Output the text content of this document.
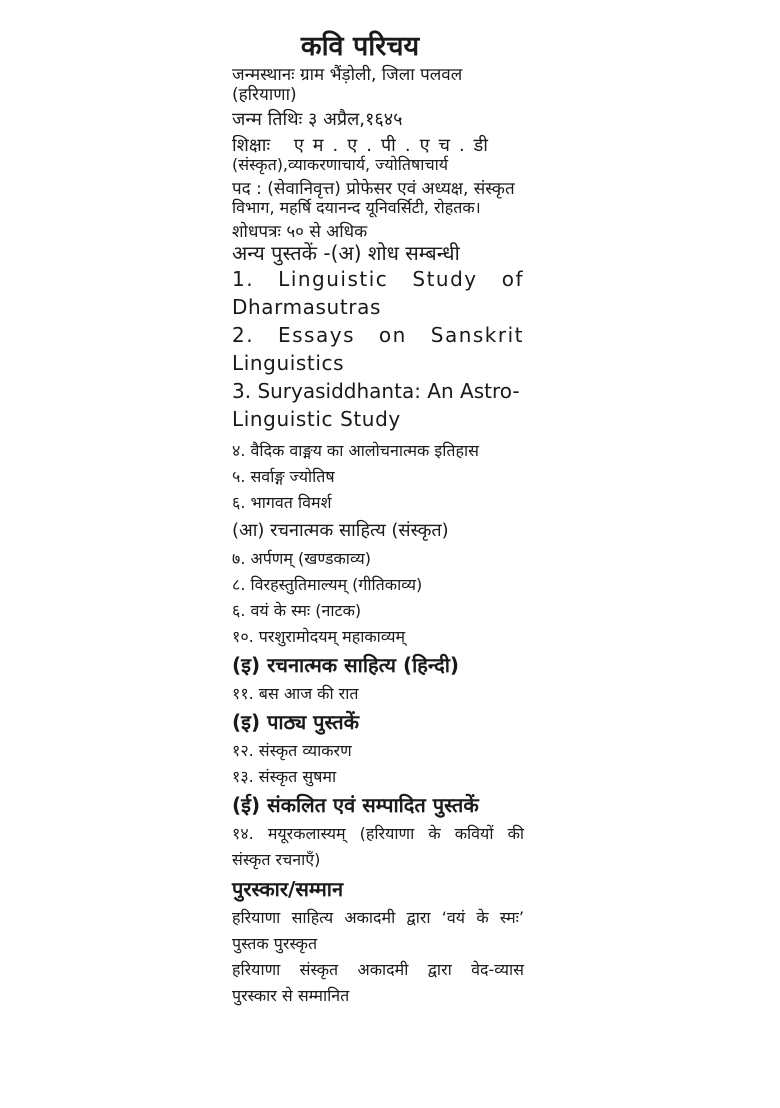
कवि परिचय
जन्मस्थानः ग्राम भैंड़ोली, जिला पलवल
(हरियाणा)
जन्म तिथिः ३ अप्रैल,१६४५
शिक्षाः एम.ए.पी.एच.डी
(संस्कृत),व्याकरणाचार्य, ज्योतिषाचार्य
पद : (सेवानिवृत्त) प्रोफेसर एवं अध्यक्ष, संस्कृत
विभाग, महर्षि दयानन्द यूनिवर्सिटी, रोहतक।
शोधपत्रः ५० से अधिक
अन्य पुस्तकें -(अ) शोध सम्बन्धी
1. Linguistic Study of
Dharmasutras
2. Essays on Sanskrit
Linguistics
3. Suryasiddhanta: An Astro-
Linguistic Study
४. वैदिक वाङ्मय का आलोचनात्मक इतिहास
५. सर्वाङ्ग ज्योतिष
६. भागवत विमर्श
(आ) रचनात्मक साहित्य (संस्कृत)
७. अर्पणम् (खण्डकाव्य)
८. विरहस्तुतिमाल्यम् (गीतिकाव्य)
६. वयं के स्मः (नाटक)
१०. परशुरामोदयम् महाकाव्यम्
(इ) रचनात्मक साहित्य (हिन्दी)
११. बस आज की रात
(इ) पाठ्य पुस्तकें
१२. संस्कृत व्याकरण
१३. संस्कृत सुषमा
(ई) संकलित एवं सम्पादित पुस्तकें
१४. मयूरकलास्यम् (हरियाणा के कवियों की
संस्कृत रचनाएँ)
पुरस्कार/सम्मान
हरियाणा साहित्य अकादमी द्वारा ‘वयं के स्मः’
पुस्तक पुरस्कृत
हरियाणा संस्कृत अकादमी द्वारा वेद-व्यास
पुरस्कार से सम्मानित
